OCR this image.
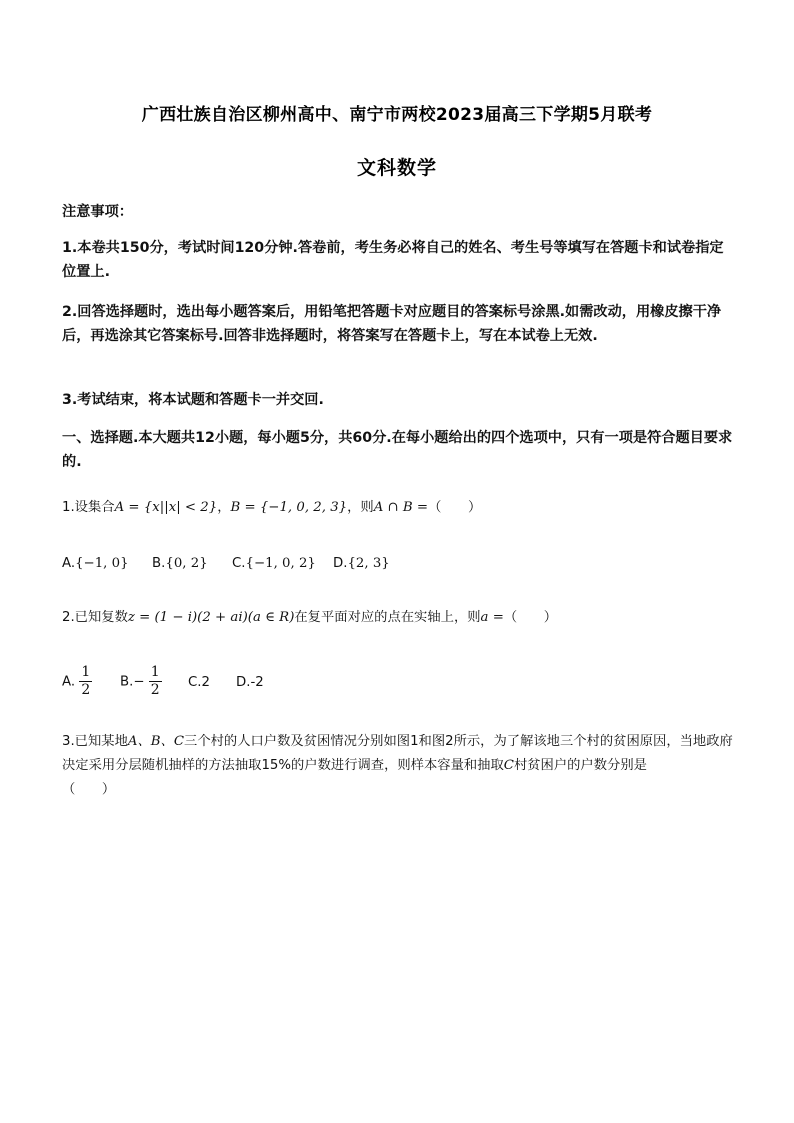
广西壮族自治区柳州高中、南宁市两校2023届高三下学期5月联考
文科数学
注意事项：
1.本卷共150分，考试时间120分钟.答卷前，考生务必将自己的姓名、考生号等填写在答题卡和试卷指定位置上.
2.回答选择题时，选出每小题答案后，用铅笔把答题卡对应题目的答案标号涂黑.如需改动，用橡皮擦干净后，再选涂其它答案标号.回答非选择题时，将答案写在答题卡上，写在本试卷上无效.
3.考试结束，将本试题和答题卡一并交回.
一、选择题.本大题共12小题，每小题5分，共60分.在每小题给出的四个选项中，只有一项是符合题目要求的.
1.设集合A = {x||x| < 2}，B = {−1, 0, 2, 3}，则A ∩ B =（　　）
A.{−1, 0} B.{0, 2} C.{−1, 0, 2} D.{2, 3}
2.已知复数z = (1 − i)(2 + ai)(a ∈ R)在复平面对应的点在实轴上，则a =（　　）
A. $\frac{1}{2} B.- \frac{1}{2} C.2$ D.-2
3.已知某地A、B、C三个村的人口户数及贫困情况分别如图1和图2所示，为了解该地三个村的贫困原因，当地政府决定采用分层随机抽样的方法抽取15%的户数进行调查，则样本容量和抽取C村贫困户的户数分别是
（　　）
